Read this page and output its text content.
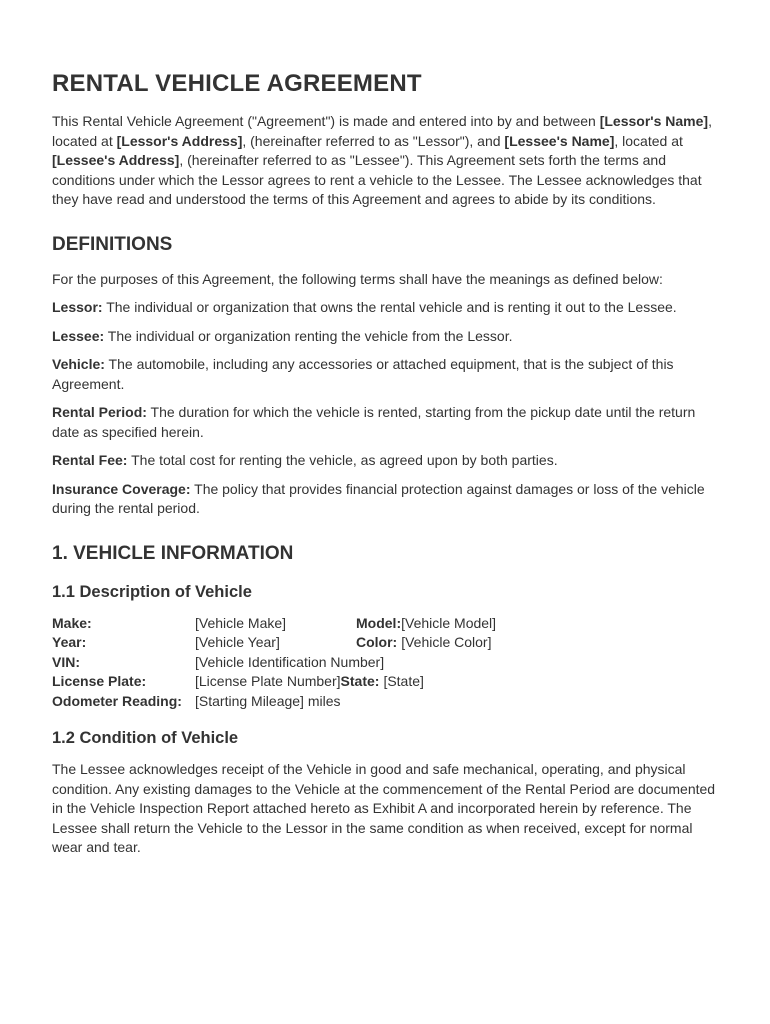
RENTAL VEHICLE AGREEMENT

This Rental Vehicle Agreement ("Agreement") is made and entered into by and between [Lessor's Name], located at [Lessor's Address], (hereinafter referred to as "Lessor"), and [Lessee's Name], located at [Lessee's Address], (hereinafter referred to as "Lessee"). This Agreement sets forth the terms and conditions under which the Lessor agrees to rent a vehicle to the Lessee. The Lessee acknowledges that they have read and understood the terms of this Agreement and agrees to abide by its conditions.

DEFINITIONS

For the purposes of this Agreement, the following terms shall have the meanings as defined below:

Lessor: The individual or organization that owns the rental vehicle and is renting it out to the Lessee.

Lessee: The individual or organization renting the vehicle from the Lessor.

Vehicle: The automobile, including any accessories or attached equipment, that is the subject of this Agreement.

Rental Period: The duration for which the vehicle is rented, starting from the pickup date until the return date as specified herein.

Rental Fee: The total cost for renting the vehicle, as agreed upon by both parties.

Insurance Coverage: The policy that provides financial protection against damages or loss of the vehicle during the rental period.

1. VEHICLE INFORMATION
1.1 Description of Vehicle
Make:	[Vehicle Make]	Model: [Vehicle Model]
Year:	[Vehicle Year]	Color: [Vehicle Color]
VIN:	[Vehicle Identification Number]
License Plate:	[License Plate Number] State: [State]
Odometer Reading: [Starting Mileage] miles
1.2 Condition of Vehicle

The Lessee acknowledges receipt of the Vehicle in good and safe mechanical, operating, and physical condition. Any existing damages to the Vehicle at the commencement of the Rental Period are documented in the Vehicle Inspection Report attached hereto as Exhibit A and incorporated herein by reference. The Lessee shall return the Vehicle to the Lessor in the same condition as when received, except for normal wear and tear.
